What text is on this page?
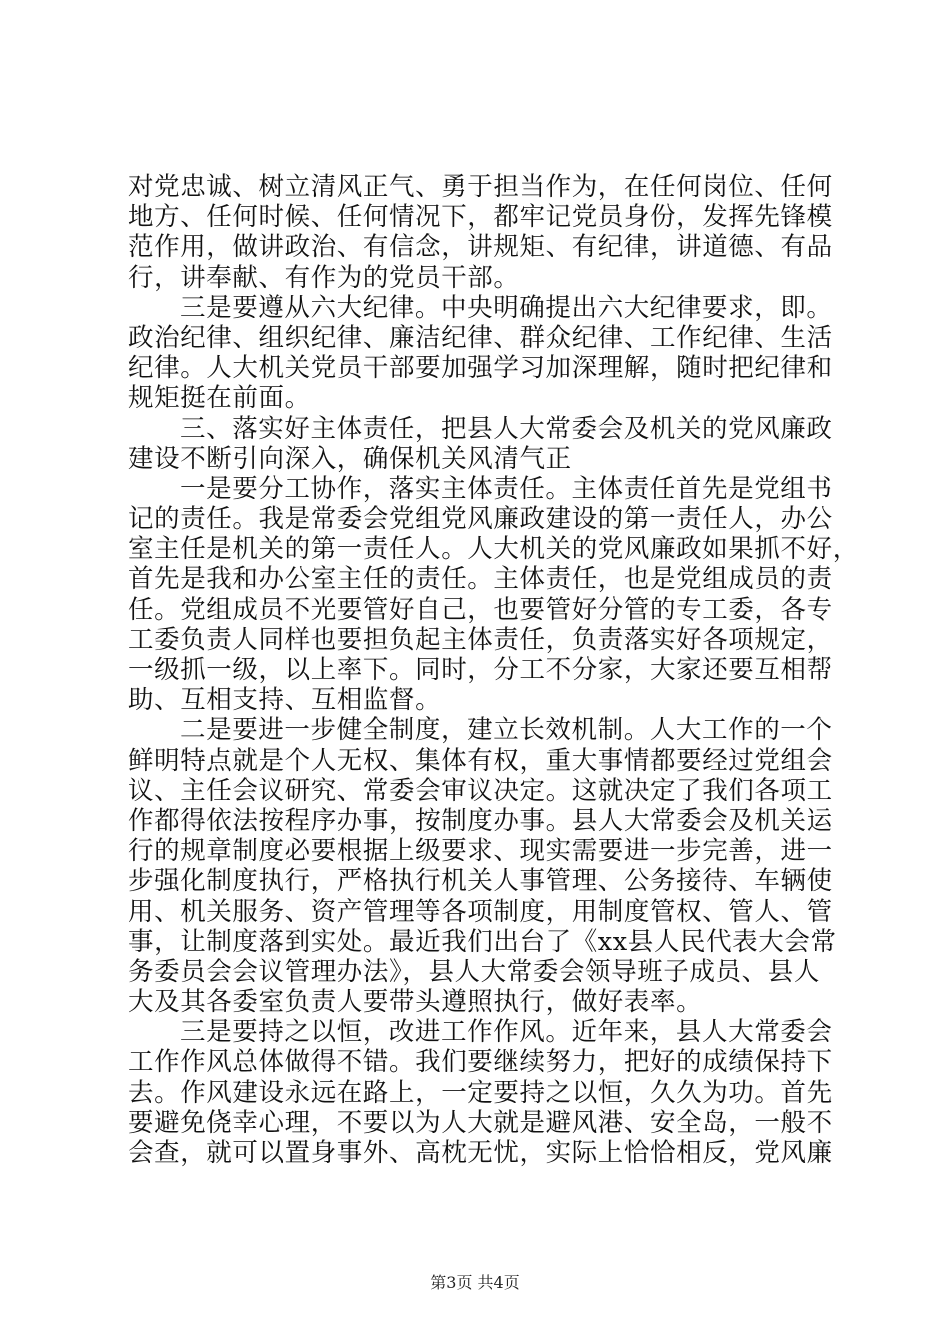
对党忠诚、树立清风正气、勇于担当作为，在任何岗位、任何
地方、任何时候、任何情况下，都牢记党员身份，发挥先锋模
范作用，做讲政治、有信念，讲规矩、有纪律，讲道德、有品
行，讲奉献、有作为的党员干部。
三是要遵从六大纪律。中央明确提出六大纪律要求，即。
政治纪律、组织纪律、廉洁纪律、群众纪律、工作纪律、生活
纪律。人大机关党员干部要加强学习加深理解，随时把纪律和
规矩挺在前面。
三、落实好主体责任，把县人大常委会及机关的党风廉政
建设不断引向深入，确保机关风清气正
一是要分工协作，落实主体责任。主体责任首先是党组书
记的责任。我是常委会党组党风廉政建设的第一责任人，办公
室主任是机关的第一责任人。人大机关的党风廉政如果抓不好，
首先是我和办公室主任的责任。主体责任，也是党组成员的责
任。党组成员不光要管好自己，也要管好分管的专工委，各专
工委负责人同样也要担负起主体责任，负责落实好各项规定，
一级抓一级，以上率下。同时，分工不分家，大家还要互相帮
助、互相支持、互相监督。
二是要进一步健全制度，建立长效机制。人大工作的一个
鲜明特点就是个人无权、集体有权，重大事情都要经过党组会
议、主任会议研究、常委会审议决定。这就决定了我们各项工
作都得依法按程序办事，按制度办事。县人大常委会及机关运
行的规章制度必要根据上级要求、现实需要进一步完善，进一
步强化制度执行，严格执行机关人事管理、公务接待、车辆使
用、机关服务、资产管理等各项制度，用制度管权、管人、管
事，让制度落到实处。最近我们出台了《xx县人民代表大会常
务委员会会议管理办法》，县人大常委会领导班子成员、县人
大及其各委室负责人要带头遵照执行，做好表率。
三是要持之以恒，改进工作作风。近年来，县人大常委会
工作作风总体做得不错。我们要继续努力，把好的成绩保持下
去。作风建设永远在路上，一定要持之以恒，久久为功。首先
要避免侥幸心理，不要以为人大就是避风港、安全岛，一般不
会查，就可以置身事外、高枕无忧，实际上恰恰相反，党风廉
第3页 共4页
